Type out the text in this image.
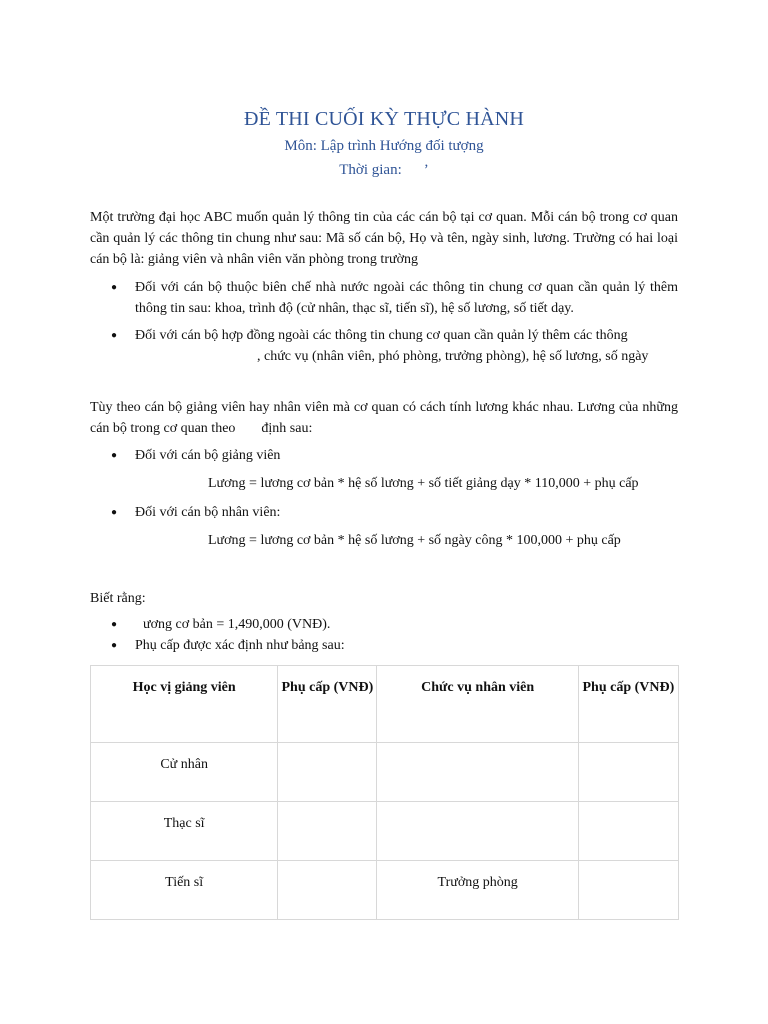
ĐỀ THI CUỐI KỲ THỰC HÀNH
Môn: Lập trình Hướng đối tượng
Thời gian: ’
Một trường đại học ABC muốn quản lý thông tin của các cán bộ tại cơ quan. Mỗi cán bộ trong cơ quan cần quản lý các thông tin chung như sau: Mã số cán bộ, Họ và tên, ngày sinh, lương. Trường có hai loại cán bộ là: giảng viên và nhân viên văn phòng trong trường
● Đối với cán bộ thuộc biên chế nhà nước ngoài các thông tin chung cơ quan cần quản lý thêm thông tin sau: khoa, trình độ (cử nhân, thạc sĩ, tiến sĩ), hệ số lương, số tiết dạy.
● Đối với cán bộ hợp đồng ngoài các thông tin chung cơ quan cần quản lý thêm các thông
, chức vụ (nhân viên, phó phòng, trưởng phòng), hệ số lương, số ngày
Tùy theo cán bộ giảng viên hay nhân viên mà cơ quan có cách tính lương khác nhau. Lương của những cán bộ trong cơ quan theo định sau:
● Đối với cán bộ giảng viên
Lương = lương cơ bản * hệ số lương + số tiết giảng dạy * 110,000 + phụ cấp
● Đối với cán bộ nhân viên:
Lương = lương cơ bản * hệ số lương + số ngày công * 100,000 + phụ cấp
Biết rằng:
● ương cơ bản = 1,490,000 (VNĐ).
● Phụ cấp được xác định như bảng sau:
Học vị giảng viên	Phụ cấp (VNĐ)	Chức vụ nhân viên	Phụ cấp (VNĐ)
Cử nhân			
Thạc sĩ			
Tiến sĩ		Trưởng phòng	
